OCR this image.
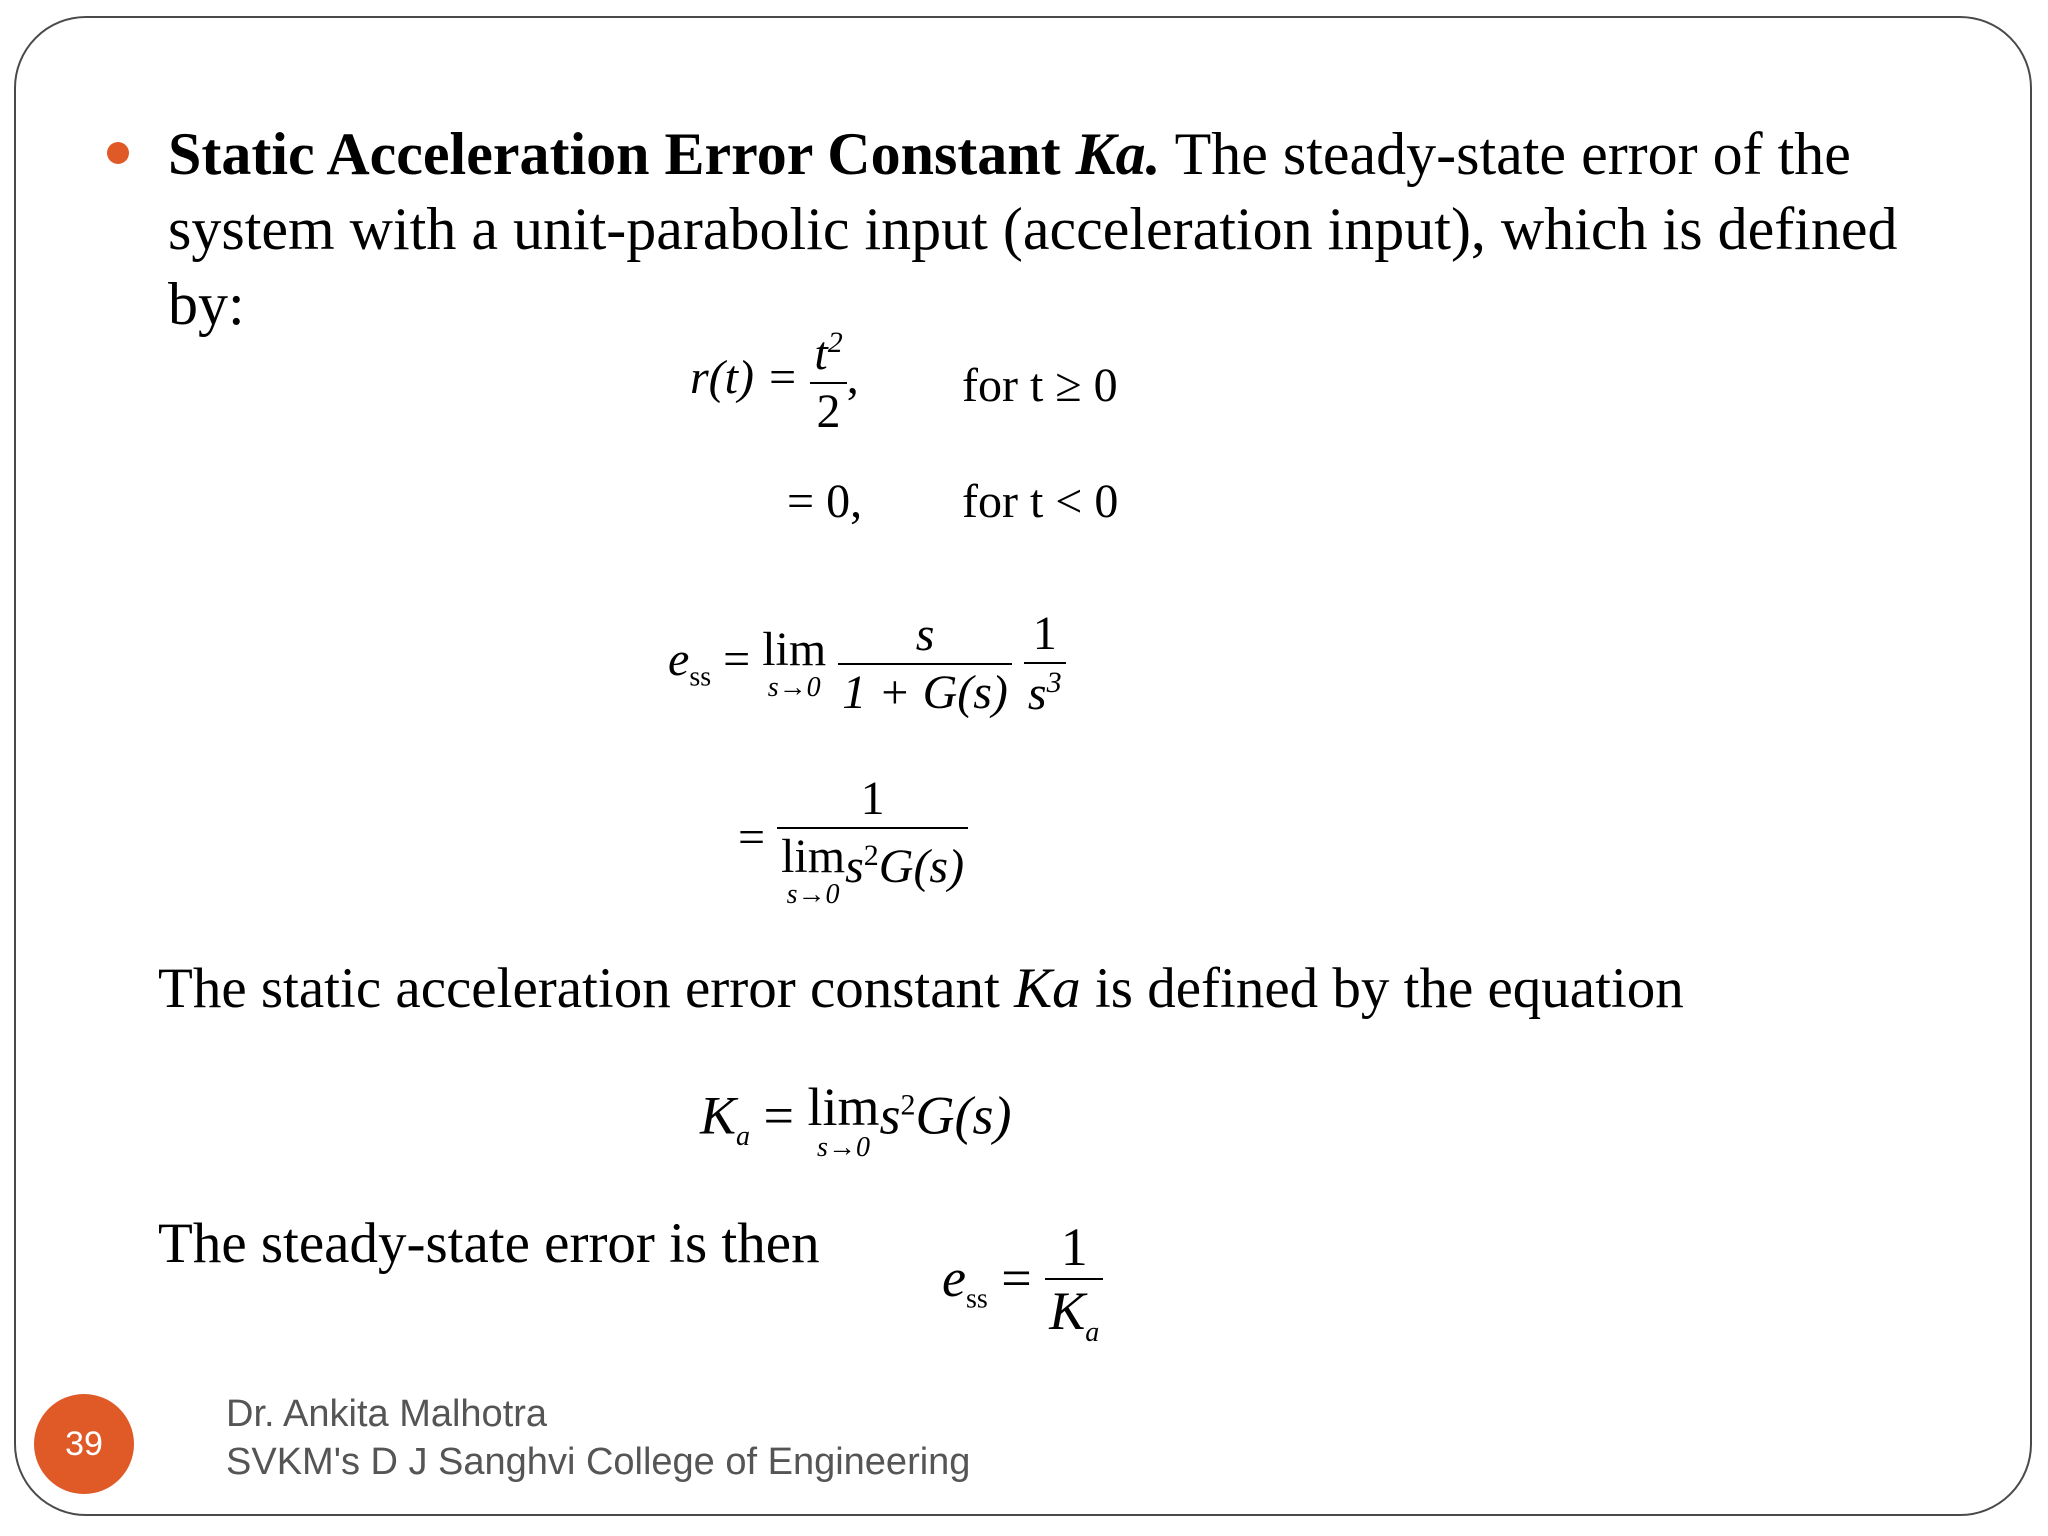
Static Acceleration Error Constant Ka. The steady-state error of the system with a unit-parabolic input (acceleration input), which is defined by:
$r(t) = \frac{t^2}{2}$ , for t ≥ 0
= 0, for t < 0
$e_{ss} = \lim$
s→0
$\frac{s}{1 + G(s)}$
$\frac{1}{s^3}$
= 1
lim
s→0
$s^2G(s)$
The static acceleration error constant Ka is defined by the equation
$K_a = \lim$
s→0
$s^2G(s)$
The steady-state error is then
$e_{ss} = \frac{1}{K_a}$
39
Dr. Ankita Malhotra
SVKM's D J Sanghvi College of Engineering
